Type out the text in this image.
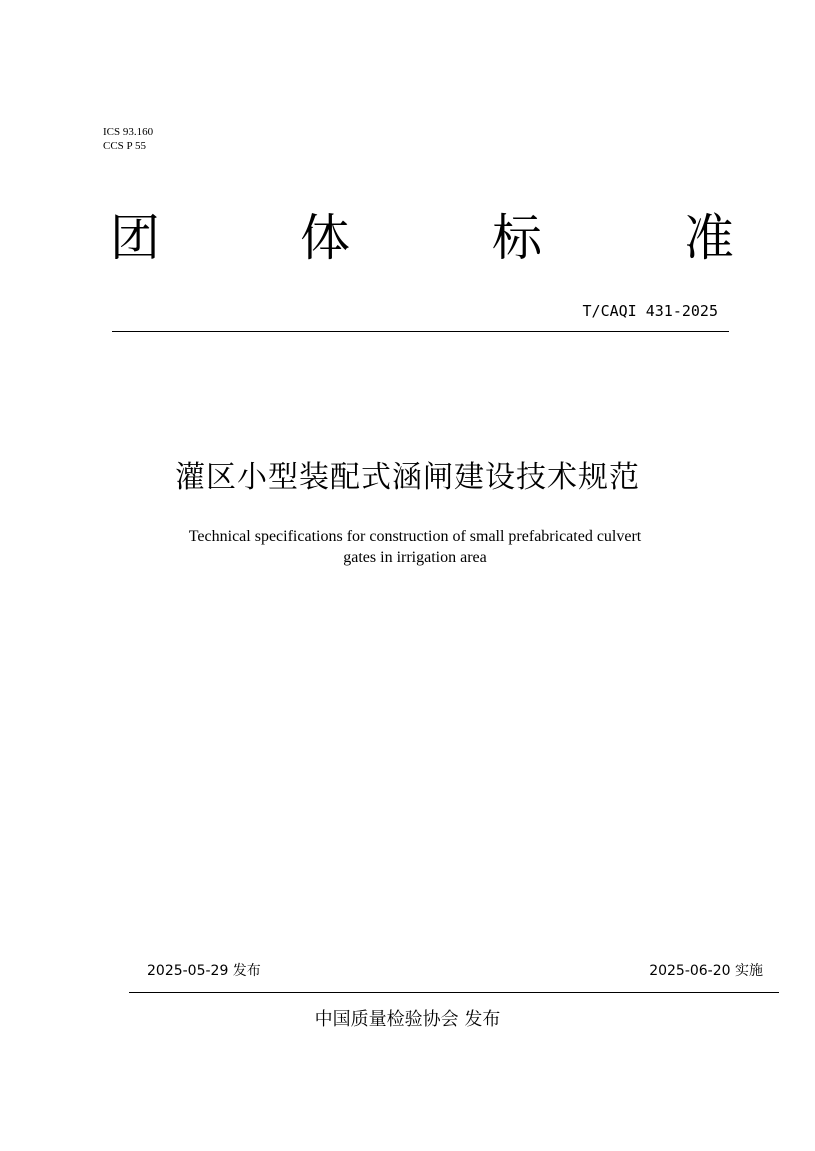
ICS 93.160
CCS P 55
团	体	标	准
T/CAQI 431-2025
灌区小型装配式涵闸建设技术规范
Technical specifications for construction of small prefabricated culvert
gates in irrigation area
2025-05-29 发布	2025-06-20 实施
中国质量检验协会 发布
